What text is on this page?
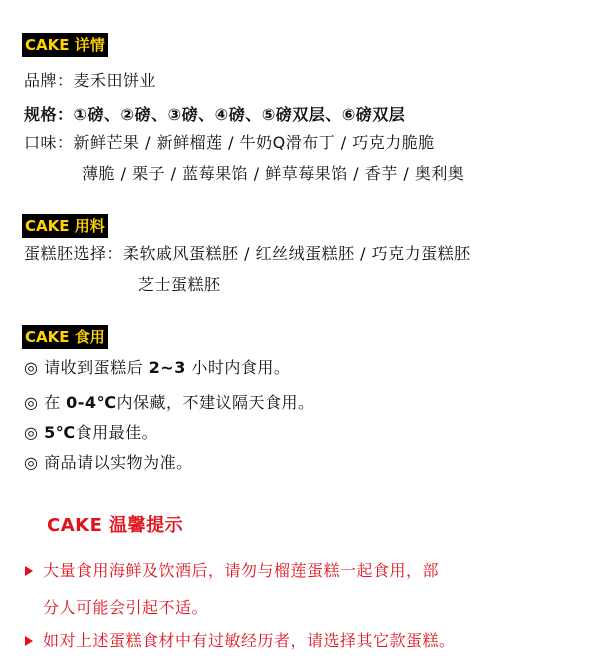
CAKE 详情
品牌：麦禾田饼业
规格：①磅、②磅、③磅、④磅、⑤磅双层、⑥磅双层
口味：新鲜芒果 / 新鲜榴莲 / 牛奶Q滑布丁 / 巧克力脆脆
薄脆 / 栗子 / 蓝莓果馅 / 鲜草莓果馅 / 香芋 / 奥利奥
CAKE 用料
蛋糕胚选择：柔软戚风蛋糕胚 / 红丝绒蛋糕胚 / 巧克力蛋糕胚
芝士蛋糕胚
CAKE 食用
◎ 请收到蛋糕后 2~3 小时内食用。
◎ 在 0-4℃内保藏，不建议隔天食用。
◎ 5℃食用最佳。
◎ 商品请以实物为准。
CAKE 温馨提示
大量食用海鲜及饮酒后，请勿与榴莲蛋糕一起食用，部
分人可能会引起不适。
如对上述蛋糕食材中有过敏经历者，请选择其它款蛋糕。
